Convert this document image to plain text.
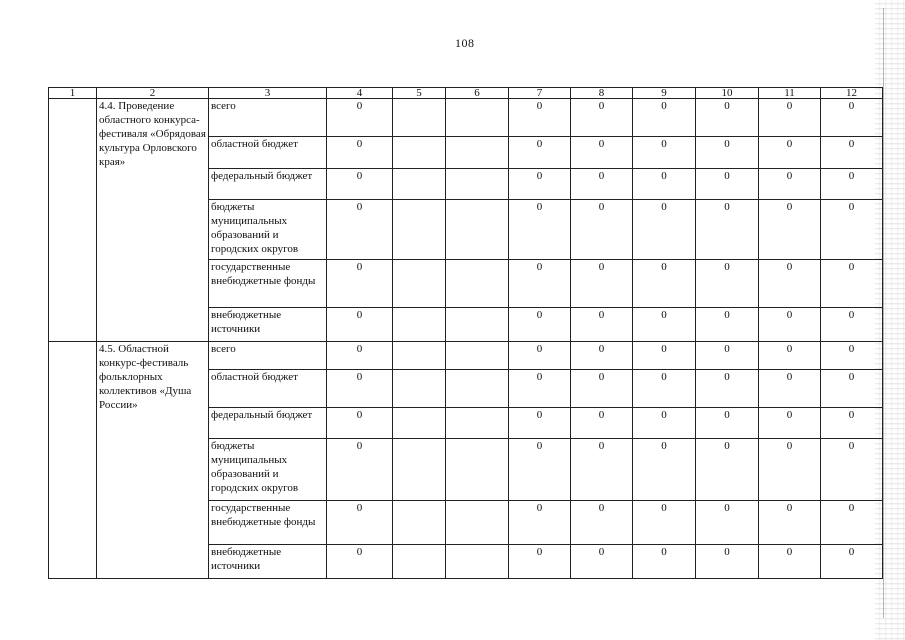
108
1	2	3	4	5	6	7	8	9	10	11	12
	4.4. Проведение областного конкурса-фестиваля «Обрядовая культура Орловского края»	всего	0			0	0	0	0	0	0
		областной бюджет	0			0	0	0	0	0	0
		федеральный бюджет	0			0	0	0	0	0	0
		бюджеты муниципальных образований и городских округов	0			0	0	0	0	0	0
		государственные внебюджетные фонды	0			0	0	0	0	0	0
		внебюджетные источники	0			0	0	0	0	0	0
	4.5. Областной конкурс-фестиваль фольклорных коллективов «Душа России»	всего	0			0	0	0	0	0	0
		областной бюджет	0			0	0	0	0	0	0
		федеральный бюджет	0			0	0	0	0	0	0
		бюджеты муниципальных образований и городских округов	0			0	0	0	0	0	0
		государственные внебюджетные фонды	0			0	0	0	0	0	0
		внебюджетные источники	0			0	0	0	0	0	0
